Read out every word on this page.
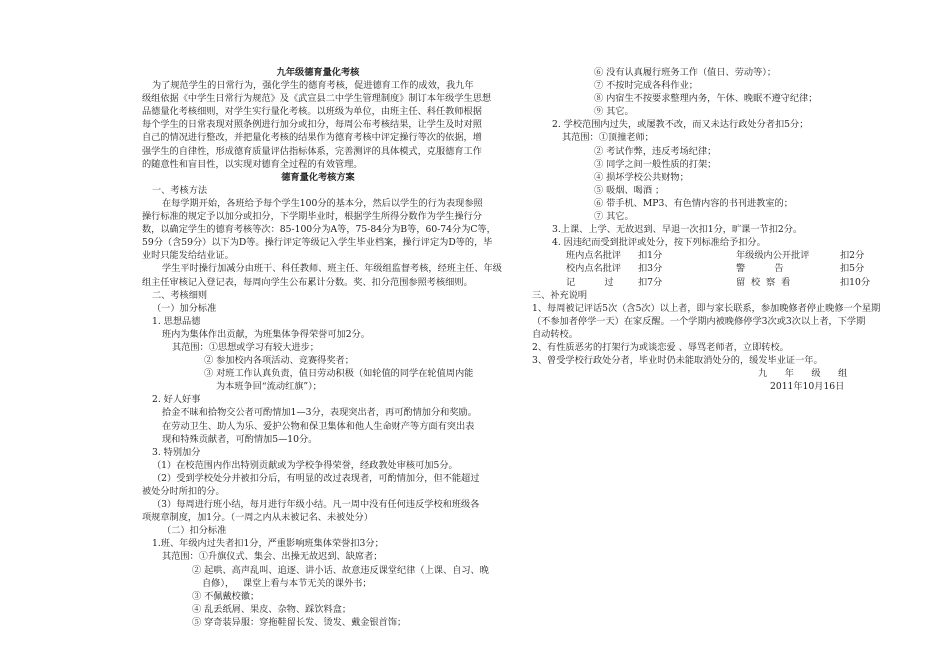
九年级德育量化考核

为了规范学生的日常行为，强化学生的德育考核，促进德育工作的成效，我九年

级组依据《中学生日常行为规范》及《武宣县二中学生管理制度》制订本年级学生思想

品德量化考核细则，对学生实行量化考核。以班级为单位，由班主任、科任教师根据

每个学生的日常表现对照条例进行加分或扣分，每周公布考核结果，让学生及时对照

自己的情况进行整改，并把量化考核的结果作为德育考核中评定操行等次的依据，增

强学生的自律性，形成德育质量评估指标体系，完善测评的具体模式，克服德育工作

的随意性和盲目性，以实现对德育全过程的有效管理。

德育量化考核方案

一、考核方法

在每学期开始，各班给予每个学生100分的基本分，然后以学生的行为表现参照

操行标准的规定予以加分或扣分，下学期毕业时，根据学生所得分数作为学生操行分

数，以确定学生的德育考核等次：85-100分为A等，75-84分为B等，60-74分为C等，

59分（含59分）以下为D等。操行评定等级记入学生毕业档案，操行评定为D等的，毕

业时只能发给结业证。

学生平时操行加减分由班干、科任教师、班主任、年级组监督考核，经班主任、年级

组主任审核记入登记表，每周向学生公布累计分数。奖、扣分范围参照考核细则。

二、考核细则

（一）加分标准

1. 思想品德

班内为集体作出贡献，为班集体争得荣誉可加2分。

其范围：①思想或学习有较大进步；

② 参加校内各项活动、竞赛得奖者；

③ 对班工作认真负责，值日劳动积极（如轮值的同学在轮值周内能

为本班争回“流动红旗”）；

2. 好人好事

拾金不昧和拾物交公者可酌情加1—3分，表现突出者，再可酌情加分和奖励。

在劳动卫生、助人为乐、爱护公物和保卫集体和他人生命财产等方面有突出表

现和特殊贡献者，可酌情加5—10分。

3. 特别加分

（1）在校范围内作出特别贡献或为学校争得荣誉，经政教处审核可加5分。

（2）受到学校处分并被扣分后，有明显的改过表现者，可酌情加分，但不能超过

被处分时所扣的分。

（3）每周进行班小结，每月进行年级小结。凡一周中没有任何违反学校和班级各

项规章制度，加1分。（一周之内从未被记名、未被处分）

（二）扣分标准

1.班、年级内过失者扣1分，严重影响班集体荣誉扣3分；

其范围：①升旗仪式、集会、出操无故迟到、缺席者；

② 起哄、高声乱叫、追逐、讲小话、故意违反课堂纪律（上课、自习、晚

自修），   课堂上看与本节无关的课外书；

③ 不佩戴校徽；

④ 乱丢纸屑、果皮、杂物、踩饮料盒；

⑤ 穿奇装异服：穿拖鞋留长发、烫发、戴金银首饰；

⑥ 没有认真履行班务工作（值日、劳动等）；

⑦ 不按时完成各科作业；

⑧ 内宿生不按要求整理内务，午休、晚眠不遵守纪律；

⑨ 其它。

2. 学校范围内过失，或屡教不改，而又未达行政处分者扣5分；

其范围：①顶撞老师；

② 考试作弊，违反考场纪律；

③ 同学之间一般性质的打架；

④ 损坏学校公共财物；

⑤ 吸烟、喝酒 ；

⑥ 带手机、MP3、有色情内容的书刊进教室的；

⑦ 其它。

3.上课、上学、无故迟到、早退一次扣1分，旷课一节扣2分。

4. 因违纪而受到批评或处分，按下列标准给予扣分。

班内点名批评	扣1分	年级级内公开批评	扣2分
校内点名批评	扣3分	警          告	扣5分
记          过	扣7分	留  校  察  看	扣10分

三、补充说明

1、每周被记评话5次（含5次）以上者，即与家长联系，参加晚修者停止晚修一个星期

（不参加者停学一天）在家反醒。一个学期内被晚修停学3次或3次以上者，下学期

自动转校。

2、有性质恶劣的打架行为或谈恋爱 、辱骂老师者，立即转校。

3、曾受学校行政处分者，毕业时仍未能取消处分的，缓发毕业证一年。

九      年      级      组

2011年10月16日
